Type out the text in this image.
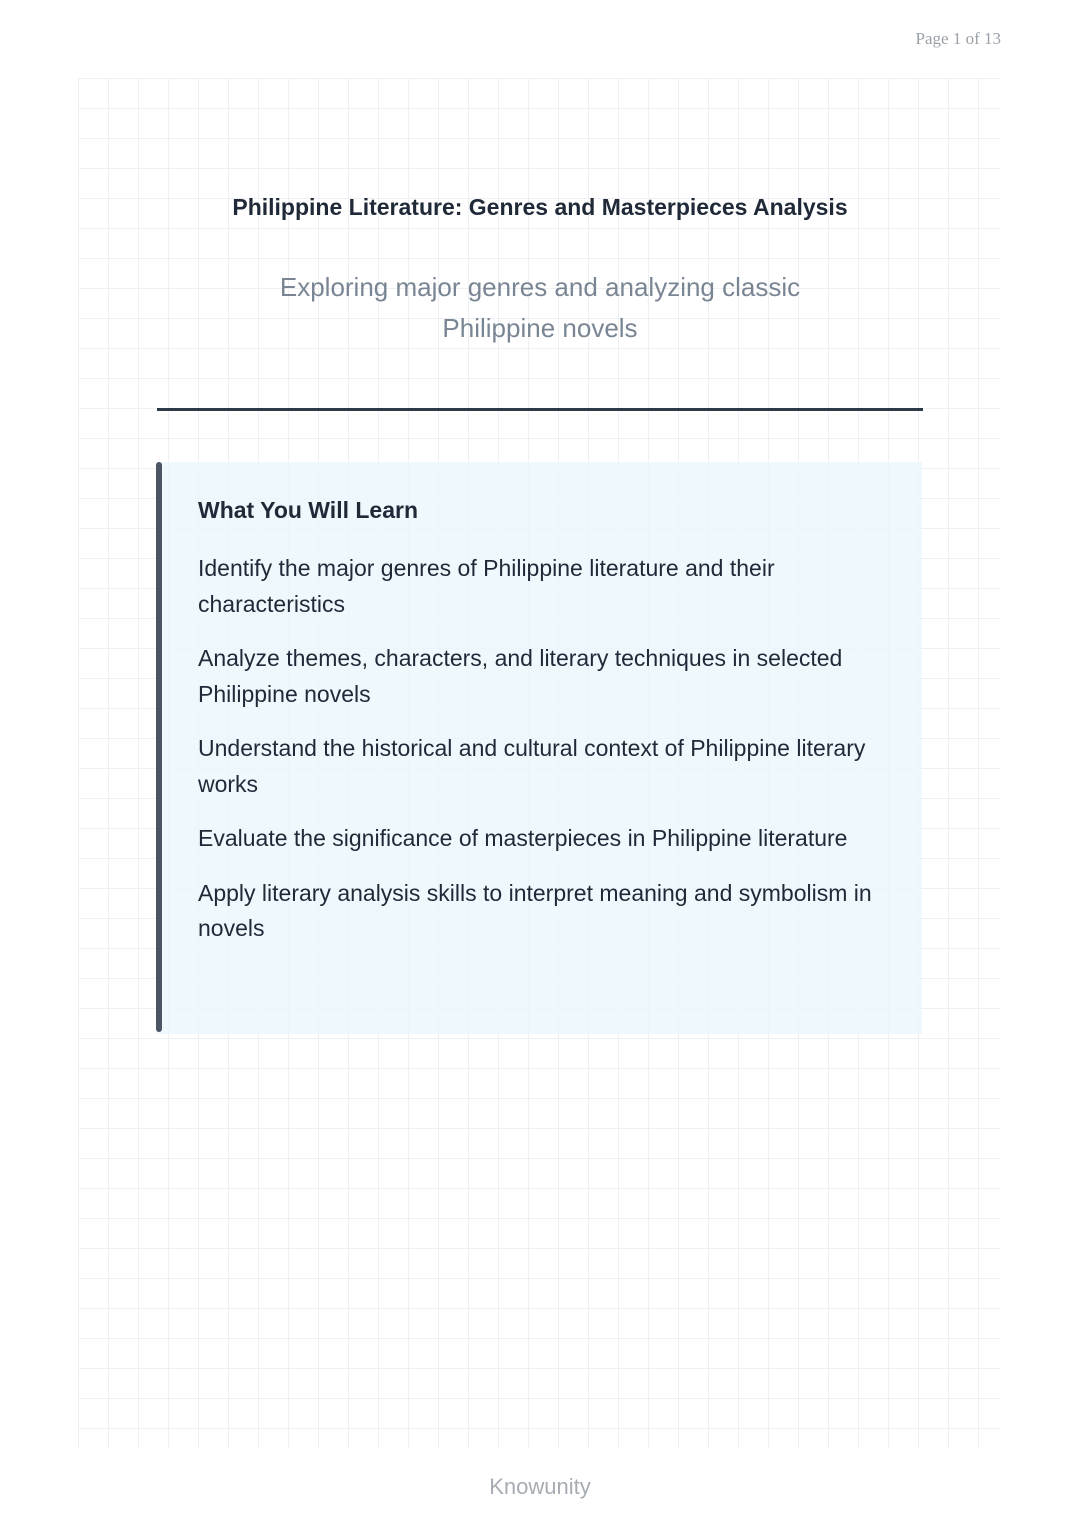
Page 1 of 13
Philippine Literature: Genres and Masterpieces Analysis
Exploring major genres and analyzing classic Philippine novels
What You Will Learn
Identify the major genres of Philippine literature and their characteristics
Analyze themes, characters, and literary techniques in selected Philippine novels
Understand the historical and cultural context of Philippine literary works
Evaluate the significance of masterpieces in Philippine literature
Apply literary analysis skills to interpret meaning and symbolism in novels
Knowunity
